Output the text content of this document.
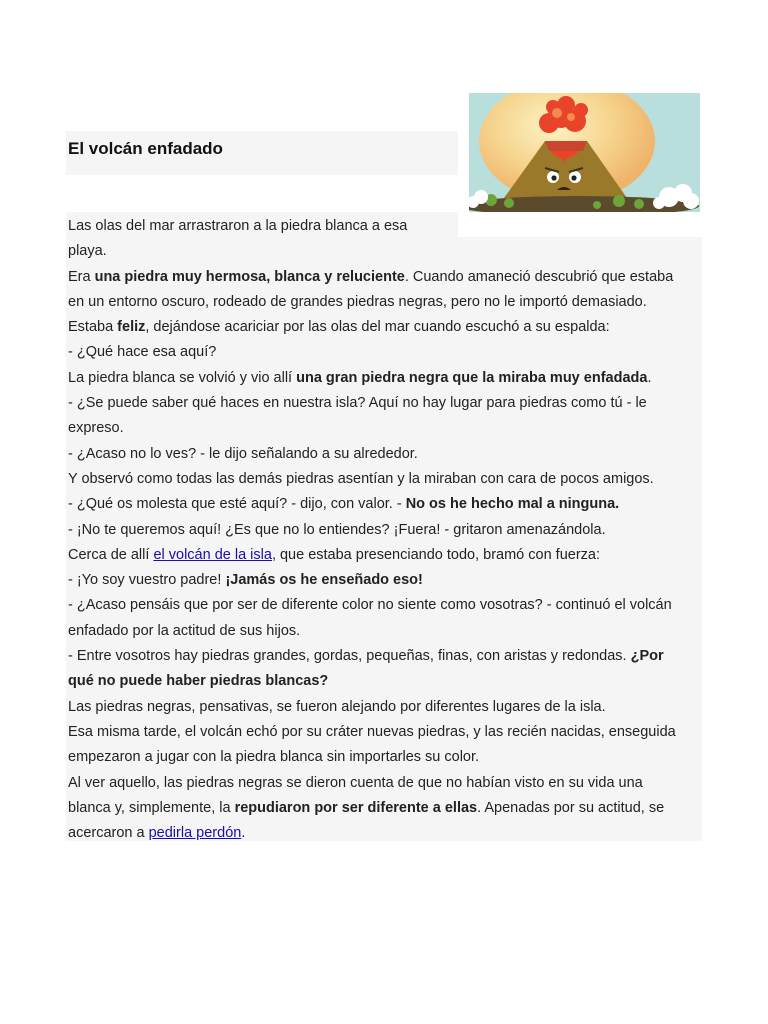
El volcán enfadado
Las olas del mar arrastraron a la piedra blanca a esa
playa.
Era una piedra muy hermosa, blanca y reluciente. Cuando amaneció descubrió que estaba
en un entorno oscuro, rodeado de grandes piedras negras, pero no le importó demasiado.
Estaba feliz, dejándose acariciar por las olas del mar cuando escuchó a su espalda:
- ¿Qué hace esa aquí?
La piedra blanca se volvió y vio allí una gran piedra negra que la miraba muy enfadada.
- ¿Se puede saber qué haces en nuestra isla? Aquí no hay lugar para piedras como tú - le
expreso.
- ¿Acaso no lo ves? - le dijo señalando a su alrededor.
Y observó como todas las demás piedras asentían y la miraban con cara de pocos amigos.
- ¿Qué os molesta que esté aquí? - dijo, con valor. - No os he hecho mal a ninguna.
- ¡No te queremos aquí! ¿Es que no lo entiendes? ¡Fuera! - gritaron amenazándola.
Cerca de allí el volcán de la isla, que estaba presenciando todo, bramó con fuerza:
- ¡Yo soy vuestro padre! ¡Jamás os he enseñado eso!
- ¿Acaso pensáis que por ser de diferente color no siente como vosotras? - continuó el volcán
enfadado por la actitud de sus hijos.
- Entre vosotros hay piedras grandes, gordas, pequeñas, finas, con aristas y redondas. ¿Por
qué no puede haber piedras blancas?
Las piedras negras, pensativas, se fueron alejando por diferentes lugares de la isla.
Esa misma tarde, el volcán echó por su cráter nuevas piedras, y las recién nacidas, enseguida
empezaron a jugar con la piedra blanca sin importarles su color.
Al ver aquello, las piedras negras se dieron cuenta de que no habían visto en su vida una
blanca y, simplemente, la repudiaron por ser diferente a ellas. Apenadas por su actitud, se
acercaron a pedirla perdón.
